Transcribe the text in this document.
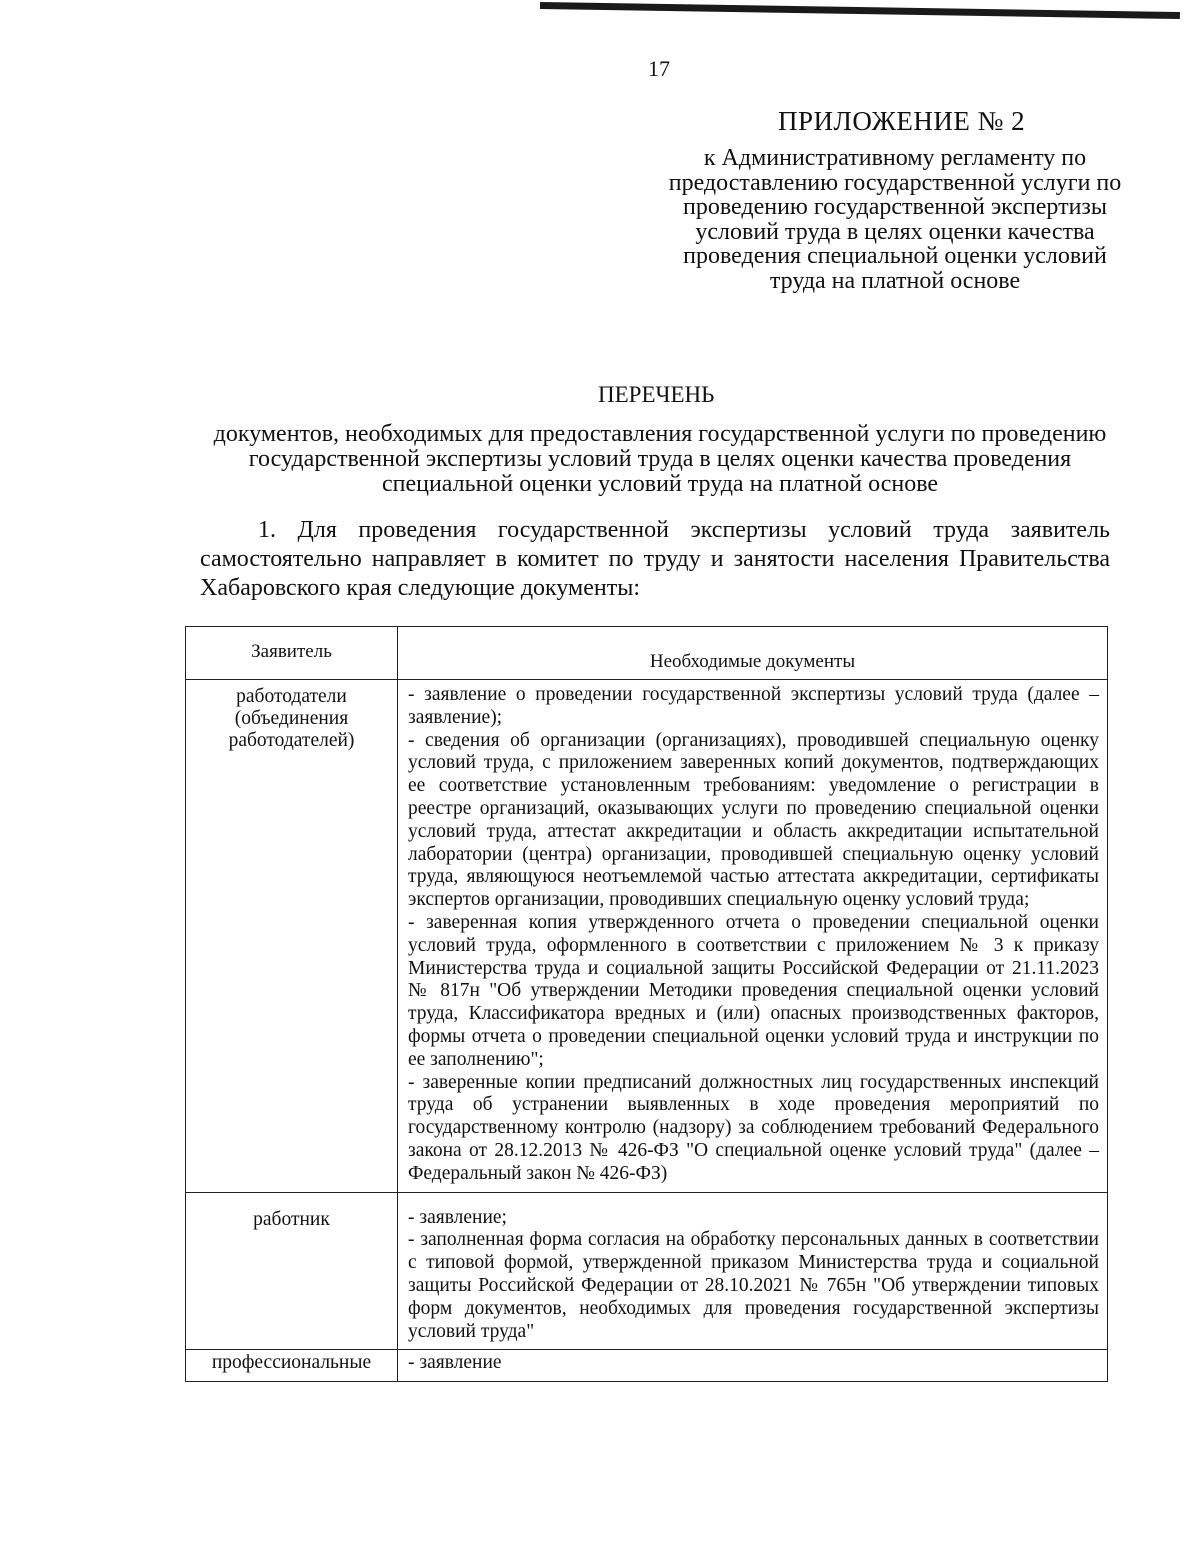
17
ПРИЛОЖЕНИЕ № 2
к Административному регламенту по предоставлению государственной услуги по проведению государственной экспертизы условий труда в целях оценки качества проведения специальной оценки условий труда на платной основе
ПЕРЕЧЕНЬ
документов, необходимых для предоставления государственной услуги по проведению государственной экспертизы условий труда в целях оценки качества проведения специальной оценки условий труда на платной основе
1. Для проведения государственной экспертизы условий труда заявитель самостоятельно направляет в комитет по труду и занятости населения Правительства Хабаровского края следующие документы:
Заявитель	Необходимые документы
работодатели (объединения работодателей)	- заявление о проведении государственной экспертизы условий труда (далее – заявление);
- сведения об организации (организациях), проводившей специальную оценку условий труда, с приложением заверенных копий документов, подтверждающих ее соответствие установленным требованиям: уведомление о регистрации в реестре организаций, оказывающих услуги по проведению специальной оценки условий труда, аттестат аккредитации и область аккредитации испытательной лаборатории (центра) организации, проводившей специальную оценку условий труда, являющуюся неотъемлемой частью аттестата аккредитации, сертификаты экспертов организации, проводивших специальную оценку условий труда;
- заверенная копия утвержденного отчета о проведении специальной оценки условий труда, оформленного в соответствии с приложением № 3 к приказу Министерства труда и социальной защиты Российской Федерации от 21.11.2023 № 817н "Об утверждении Методики проведения специальной оценки условий труда, Классификатора вредных и (или) опасных производственных факторов, формы отчета о проведении специальной оценки условий труда и инструкции по ее заполнению";
- заверенные копии предписаний должностных лиц государственных инспекций труда об устранении выявленных в ходе проведения мероприятий по государственному контролю (надзору) за соблюдением требований Федерального закона от 28.12.2013 № 426-ФЗ "О специальной оценке условий труда" (далее – Федеральный закон № 426-ФЗ)

работник	- заявление;
- заполненная форма согласия на обработку персональных данных в соответствии с типовой формой, утвержденной приказом Министерства труда и социальной защиты Российской Федерации от 28.10.2021 № 765н "Об утверждении типовых форм документов, необходимых для проведения государственной экспертизы условий труда"

профессиональные	- заявление
